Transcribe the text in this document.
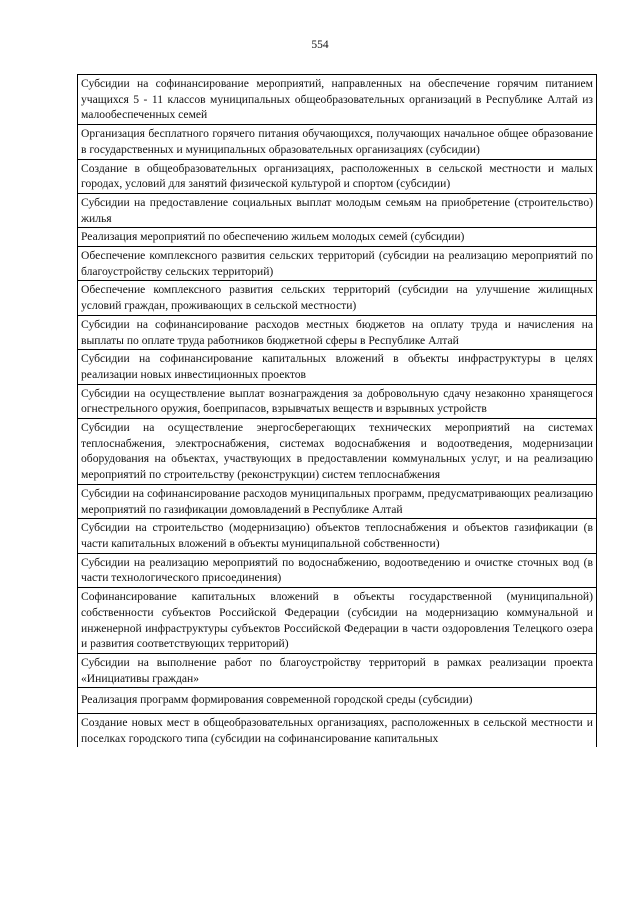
554
Субсидии на софинансирование мероприятий, направленных на обеспечение горячим питанием учащихся 5 - 11 классов муниципальных общеобразовательных организаций в Республике Алтай из малообеспеченных семей
Организация бесплатного горячего питания обучающихся, получающих начальное общее образование в государственных и муниципальных образовательных организациях (субсидии)
Создание в общеобразовательных организациях, расположенных в сельской местности и малых городах, условий для занятий физической культурой и спортом (субсидии)
Субсидии на предоставление социальных выплат молодым семьям на приобретение (строительство) жилья
Реализация мероприятий по обеспечению жильем молодых семей (субсидии)
Обеспечение комплексного развития сельских территорий (субсидии на реализацию мероприятий по благоустройству сельских территорий)
Обеспечение комплексного развития сельских территорий (субсидии на улучшение жилищных условий граждан, проживающих в сельской местности)
Субсидии на софинансирование расходов местных бюджетов на оплату труда и начисления на выплаты по оплате труда работников бюджетной сферы в Республике Алтай
Субсидии на софинансирование капитальных вложений в объекты инфраструктуры в целях реализации новых инвестиционных проектов
Субсидии на осуществление выплат вознаграждения за добровольную сдачу незаконно хранящегося огнестрельного оружия, боеприпасов, взрывчатых веществ и взрывных устройств
Субсидии на осуществление энергосберегающих технических мероприятий на системах теплоснабжения, электроснабжения, системах водоснабжения и водоотведения, модернизации оборудования на объектах, участвующих в предоставлении коммунальных услуг, и на реализацию мероприятий по строительству (реконструкции) систем теплоснабжения
Субсидии на софинансирование расходов муниципальных программ, предусматривающих реализацию мероприятий по газификации домовладений в Республике Алтай
Субсидии на строительство (модернизацию) объектов теплоснабжения и объектов газификации (в части капитальных вложений в объекты муниципальной собственности)
Субсидии на реализацию мероприятий по водоснабжению, водоотведению и очистке сточных вод (в части технологического присоединения)
Софинансирование капитальных вложений в объекты государственной (муниципальной) собственности субъектов Российской Федерации (субсидии на модернизацию коммунальной и инженерной инфраструктуры субъектов Российской Федерации в части оздоровления Телецкого озера и развития соответствующих территорий)
Субсидии на выполнение работ по благоустройству территорий в рамках реализации проекта «Инициативы граждан»
Реализация программ формирования современной городской среды (субсидии)
Создание новых мест в общеобразовательных организациях, расположенных в сельской местности и поселках городского типа (субсидии на софинансирование капитальных
